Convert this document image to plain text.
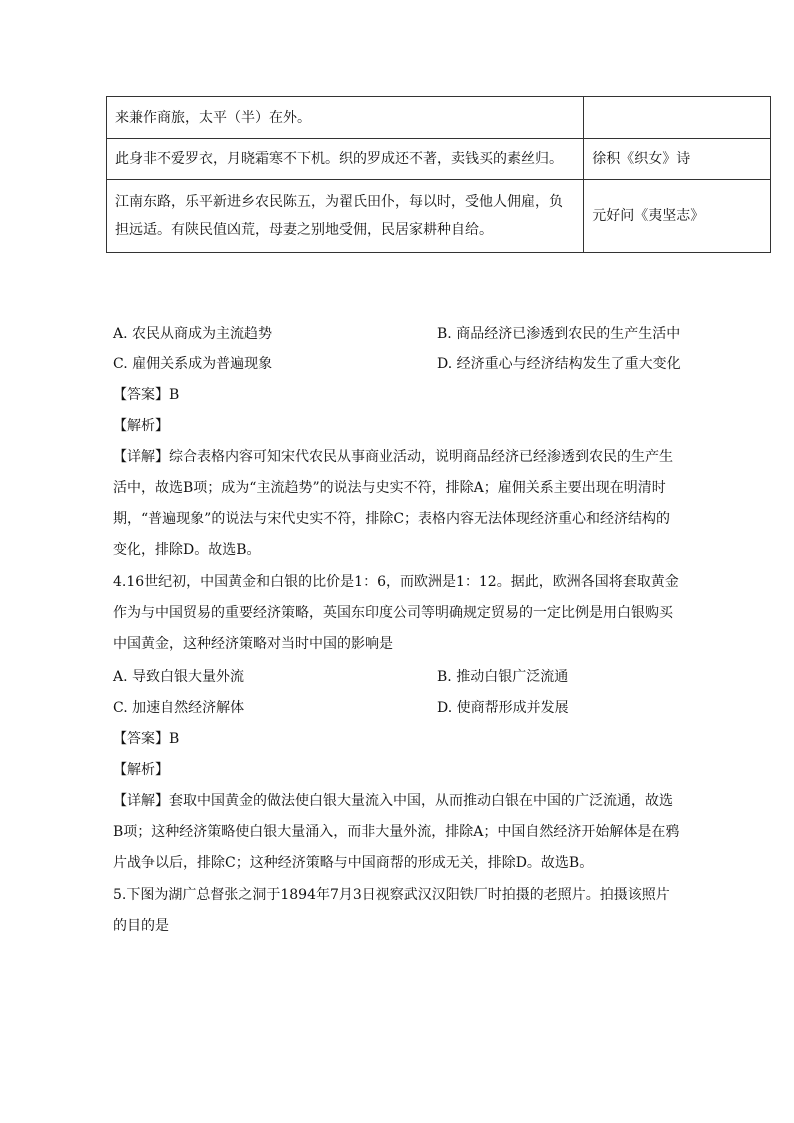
来兼作商旅，太平（半）在外。	
此身非不爱罗衣，月晓霜寒不下机。织的罗成还不著，卖钱买的素丝归。	徐积《织女》诗
江南东路，乐平新进乡农民陈五，为翟氏田仆，每以时，受他人佣雇，负担远适。有陕民值凶荒，母妻之别地受佣，民居家耕种自给。	元好问《夷坚志》
A. 农民从商成为主流趋势	B. 商品经济已渗透到农民的生产生活中
C. 雇佣关系成为普遍现象	D. 经济重心与经济结构发生了重大变化
【答案】B
【解析】
【详解】综合表格内容可知宋代农民从事商业活动，说明商品经济已经渗透到农民的生产生活中，故选B项；成为“主流趋势”的说法与史实不符，排除A；雇佣关系主要出现在明清时期，“普遍现象”的说法与宋代史实不符，排除C；表格内容无法体现经济重心和经济结构的变化，排除D。故选B。
4.16世纪初，中国黄金和白银的比价是1：6，而欧洲是1：12。据此，欧洲各国将套取黄金作为与中国贸易的重要经济策略，英国东印度公司等明确规定贸易的一定比例是用白银购买中国黄金，这种经济策略对当时中国的影响是
A. 导致白银大量外流	B. 推动白银广泛流通
C. 加速自然经济解体	D. 使商帮形成并发展
【答案】B
【解析】
【详解】套取中国黄金的做法使白银大量流入中国，从而推动白银在中国的广泛流通，故选B项；这种经济策略使白银大量涌入，而非大量外流，排除A；中国自然经济开始解体是在鸦片战争以后，排除C；这种经济策略与中国商帮的形成无关，排除D。故选B。
5.下图为湖广总督张之洞于1894年7月3日视察武汉汉阳铁厂时拍摄的老照片。拍摄该照片的目的是
